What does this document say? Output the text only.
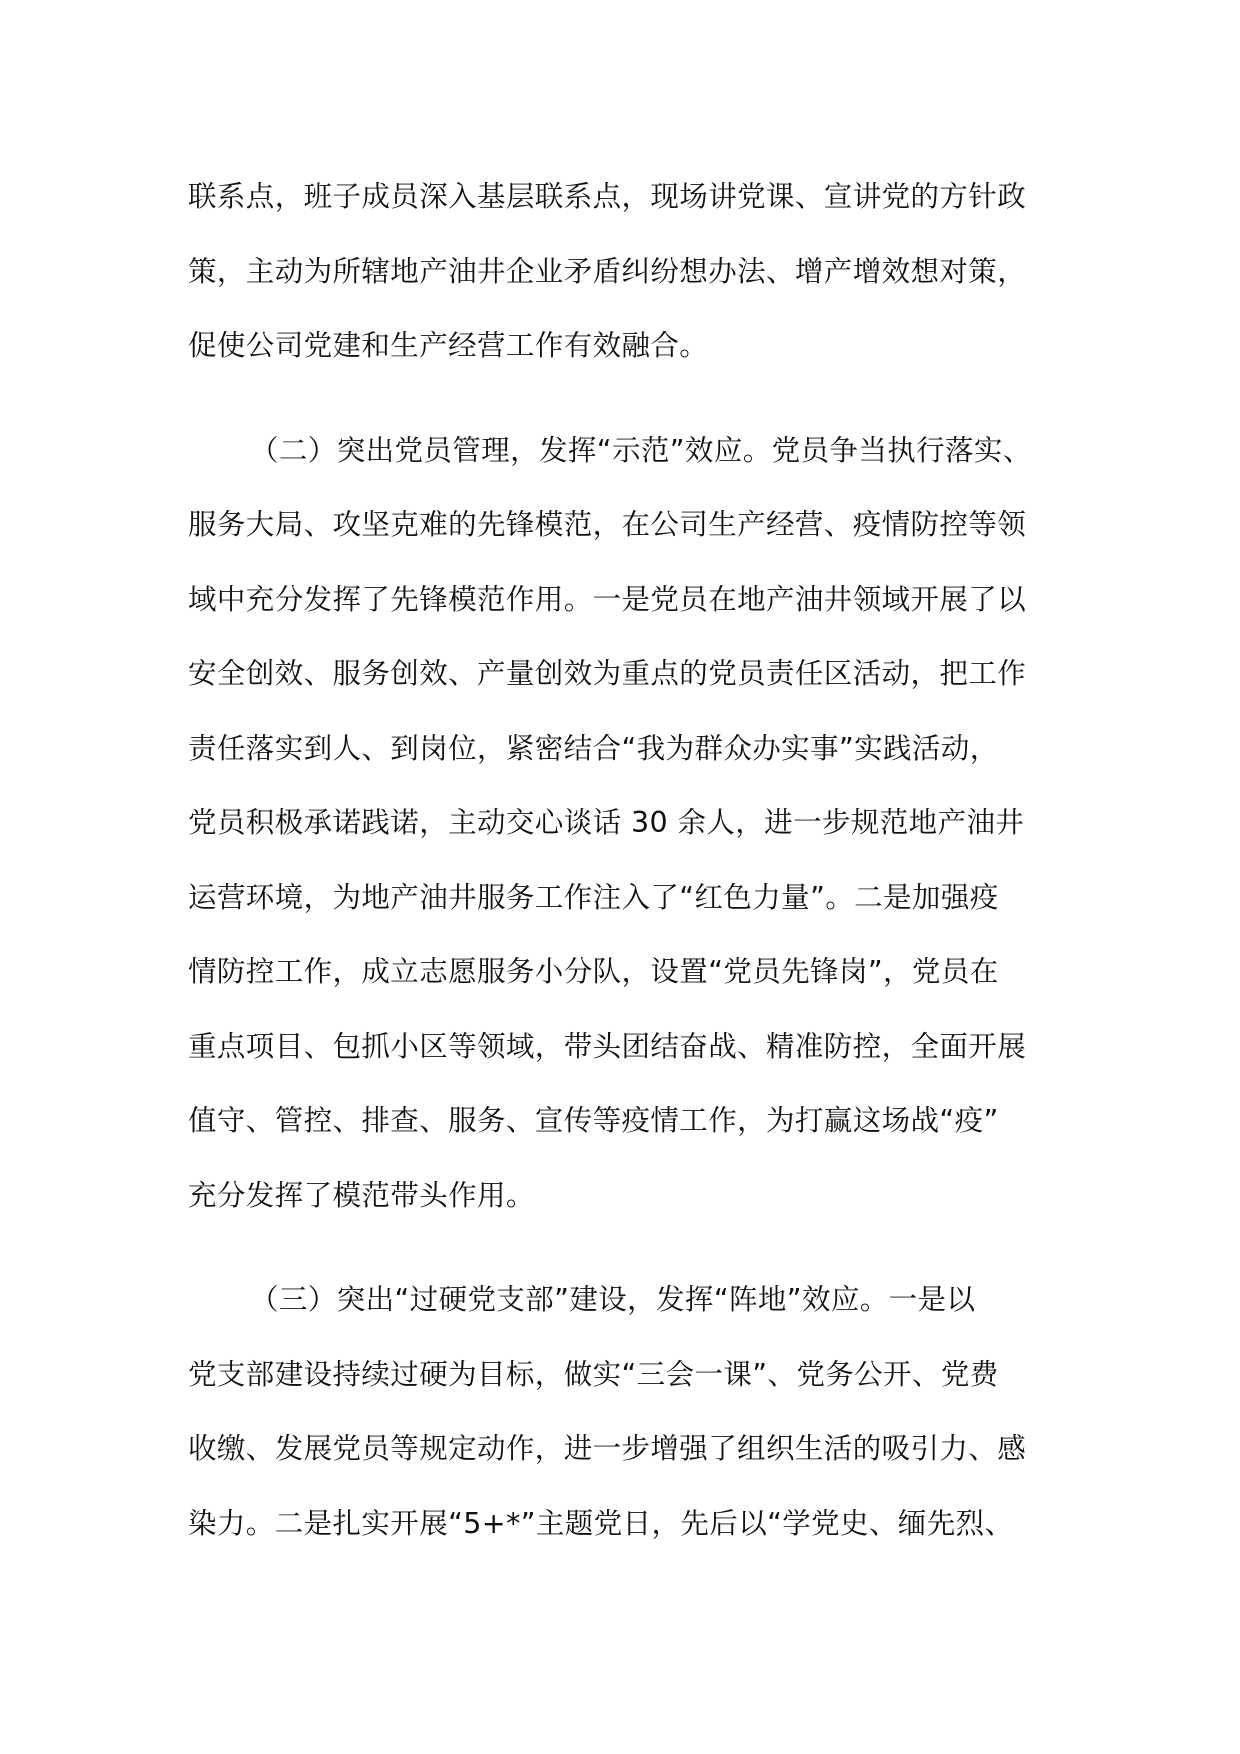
联系点，班子成员深入基层联系点，现场讲党课、宣讲党的方针政
策，主动为所辖地产油井企业矛盾纠纷想办法、增产增效想对策，
促使公司党建和生产经营工作有效融合。
（二）突出党员管理，发挥“示范”效应。党员争当执行落实、
服务大局、攻坚克难的先锋模范，在公司生产经营、疫情防控等领
域中充分发挥了先锋模范作用。一是党员在地产油井领域开展了以
安全创效、服务创效、产量创效为重点的党员责任区活动，把工作
责任落实到人、到岗位，紧密结合“我为群众办实事”实践活动，
党员积极承诺践诺，主动交心谈话 30 余人，进一步规范地产油井
运营环境，为地产油井服务工作注入了“红色力量”。二是加强疫
情防控工作，成立志愿服务小分队，设置“党员先锋岗”，党员在
重点项目、包抓小区等领域，带头团结奋战、精准防控，全面开展
值守、管控、排查、服务、宣传等疫情工作，为打赢这场战“疫”
充分发挥了模范带头作用。
（三）突出“过硬党支部”建设，发挥“阵地”效应。一是以
党支部建设持续过硬为目标，做实“三会一课”、党务公开、党费
收缴、发展党员等规定动作，进一步增强了组织生活的吸引力、感
染力。二是扎实开展“5+*”主题党日，先后以“学党史、缅先烈、
